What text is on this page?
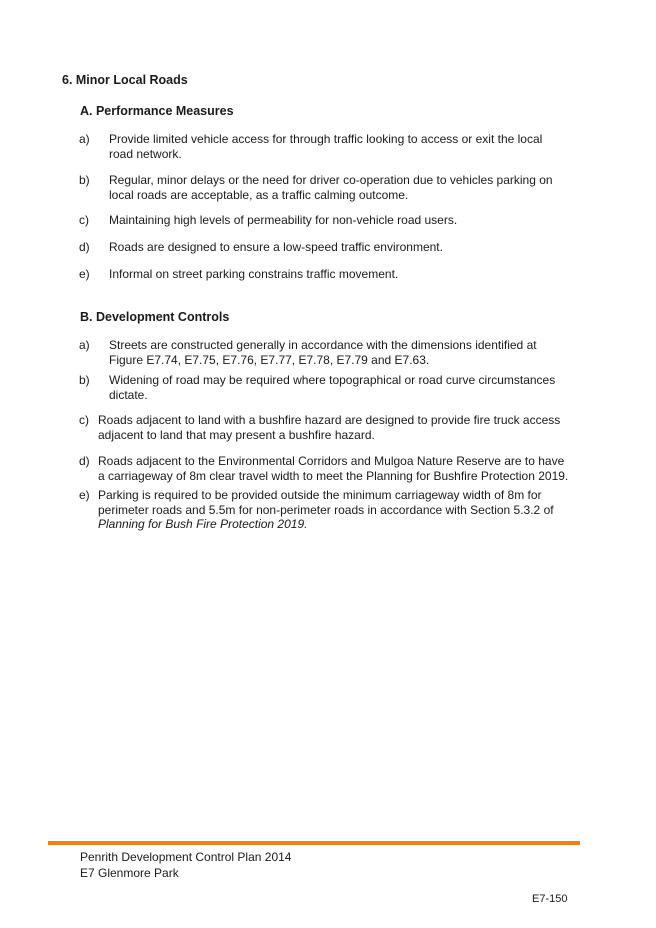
6. Minor Local Roads
A. Performance Measures
a) Provide limited vehicle access for through traffic looking to access or exit the local
road network.
b) Regular, minor delays or the need for driver co-operation due to vehicles parking on
local roads are acceptable, as a traffic calming outcome.
c) Maintaining high levels of permeability for non-vehicle road users.
d) Roads are designed to ensure a low-speed traffic environment.
e) Informal on street parking constrains traffic movement.
B. Development Controls
a) Streets are constructed generally in accordance with the dimensions identified at
Figure E7.74, E7.75, E7.76, E7.77, E7.78, E7.79 and E7.63.
b) Widening of road may be required where topographical or road curve circumstances
dictate.
c) Roads adjacent to land with a bushfire hazard are designed to provide fire truck access
adjacent to land that may present a bushfire hazard.
d) Roads adjacent to the Environmental Corridors and Mulgoa Nature Reserve are to have
a carriageway of 8m clear travel width to meet the Planning for Bushfire Protection 2019.
e) Parking is required to be provided outside the minimum carriageway width of 8m for
perimeter roads and 5.5m for non-perimeter roads in accordance with Section 5.3.2 of
Planning for Bush Fire Protection 2019.
Penrith Development Control Plan 2014
E7 Glenmore Park
E7-150
